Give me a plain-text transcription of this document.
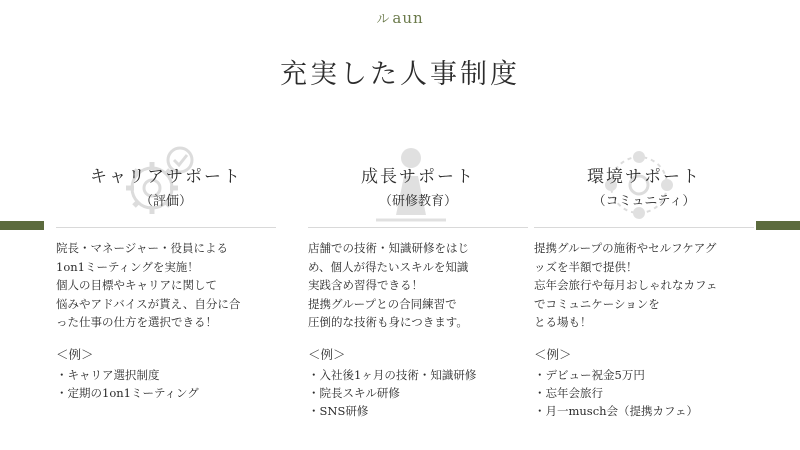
ル aun
充実した人事制度
キャリアサポート
（評価）
院長・マネージャー・役員による
1on1ミーティングを実施！
個人の目標やキャリアに関して
悩みやアドバイスが貰え、自分に合
った仕事の仕方を選択できる！
＜例＞
・キャリア選択制度
・定期の1on1ミーティング
成長サポート
（研修教育）
店舗での技術・知識研修をはじ
め、個人が得たいスキルを知識
実践含め習得できる！
提携グループとの合同練習で
圧倒的な技術も身につきます。
＜例＞
・入社後1ヶ月の技術・知識研修
・院長スキル研修
・SNS研修
環境サポート
（コミュニティ）
提携グループの施術やセルフケアグ
ッズを半額で提供！
忘年会旅行や毎月おしゃれなカフェ
でコミュニケーションを
とる場も！
＜例＞
・デビュー祝金5万円
・忘年会旅行
・月一musch会（提携カフェ）
